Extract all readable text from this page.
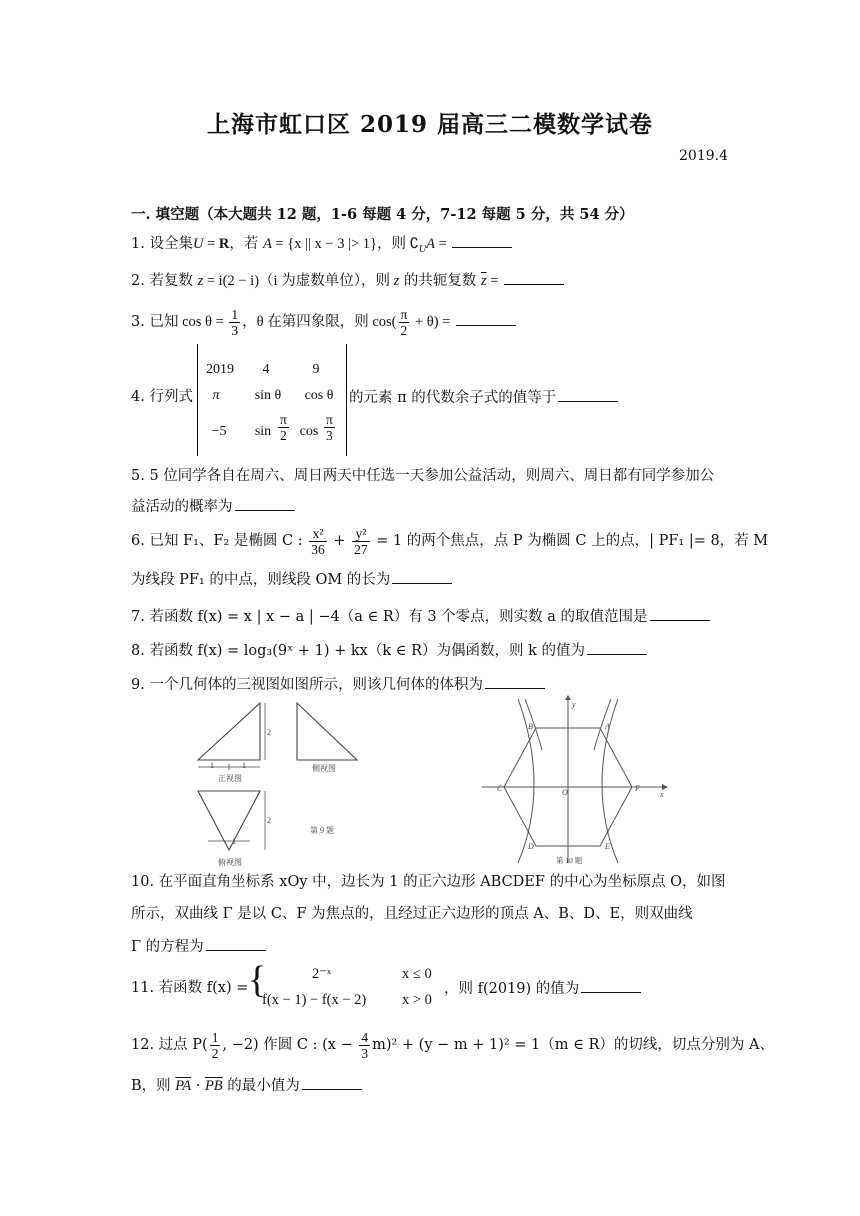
上海市虹口区 2019 届高三二模数学试卷
2019.4
一. 填空题（本大题共 12 题，1-6 每题 4 分，7-12 每题 5 分，共 54 分）
1. 设全集U = R，若 A = {x || x − 3 |> 1}，则 $∁_UA$ =
2. 若复数 z = i(2 − i)（i 为虚数单位），则 z 的共轭复数 $\overline{z}$ =
3. 已知 $\cos \theta = \frac{1}{3}$ ，θ 在第四象限，则 $\cos( \frac{\pi}{2} + \theta)$ =
4. 行列式
2019	4	9
π	sin θ	cos θ
−5	$\sin \frac{\pi}{2}$ $\cos \frac{\pi}{3}$
的元素 π 的代数余子式的值等于
5. 5 位同学各自在周六、周日两天中任选一天参加公益活动，则周六、周日都有同学参加公
益活动的概率为
6. 已知 F₁、F₂ 是椭圆 C : $\frac{\text{x²}}{36} + \frac{\text{y²}}{27} = 1$ 的两个焦点，点 P 为椭圆 C 上的点，| PF₁ |= 8，若 M
为线段 PF₁ 的中点，则线段 OM 的长为
7. 若函数 f(x) = x | x − a | −4（a ∈ R）有 3 个零点，则实数 a 的取值范围是
8. 若函数 f(x) = log₃(9ˣ + 1) + kx（k ∈ R）为偶函数，则 k 的值为
9. 一个几何体的三视图如图所示，则该几何体的体积为
1	1
2
2
1
正视图
侧视图
俯视图
第 9 题
B	A
C	F
O
D	E
y
x
第 10 题
10. 在平面直角坐标系 xOy 中，边长为 1 的正六边形 ABCDEF 的中心为坐标原点 O，如图
所示，双曲线 Γ 是以 C、F 为焦点的，且经过正六边形的顶点 A、B、D、E，则双曲线
Γ 的方程为
11. 若函数 f(x) = {	2⁻ˣ	x ≤ 0
f(x − 1) − f(x − 2) x > 0
，则 f(2019) 的值为
12. 过点 $P( \frac{1}{2}$ , −2) 作圆 C : $(x - \frac{4}{3} m)^2 + (y - m + 1)^2 = 1(m$ ∈ R）的切线，切点分别为 A、
B，则 $\overline{PA} \cdot \overline{PB}$ 的最小值为
